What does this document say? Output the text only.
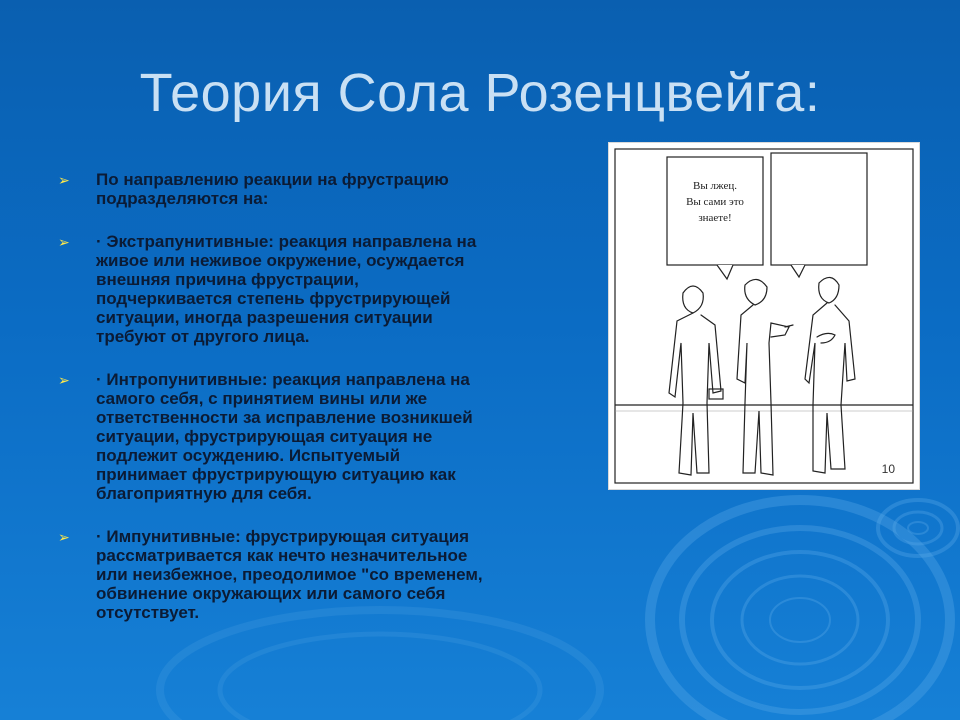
Теория Сола Розенцвейга:
➢ По направлению реакции на фрустрацию
подразделяются на:
➢ · Экстрапунитивные: реакция направлена на
живое или неживое окружение, осуждается
внешняя причина фрустрации,
подчеркивается степень фрустрирующей
ситуации, иногда разрешения ситуации
требуют от другого лица.
➢ · Интропунитивные: реакция направлена на
самого себя, с принятием вины или же
ответственности за исправление возникшей
ситуации, фрустрирующая ситуация не
подлежит осуждению. Испытуемый
принимает фрустрирующую ситуацию как
благоприятную для себя.
➢ · Импунитивные: фрустрирующая ситуация
рассматривается как нечто незначительное
или неизбежное, преодолимое "со временем,
обвинение окружающих или самого себя
отсутствует.
Вы лжец.
Вы сами это
знаете!
10
